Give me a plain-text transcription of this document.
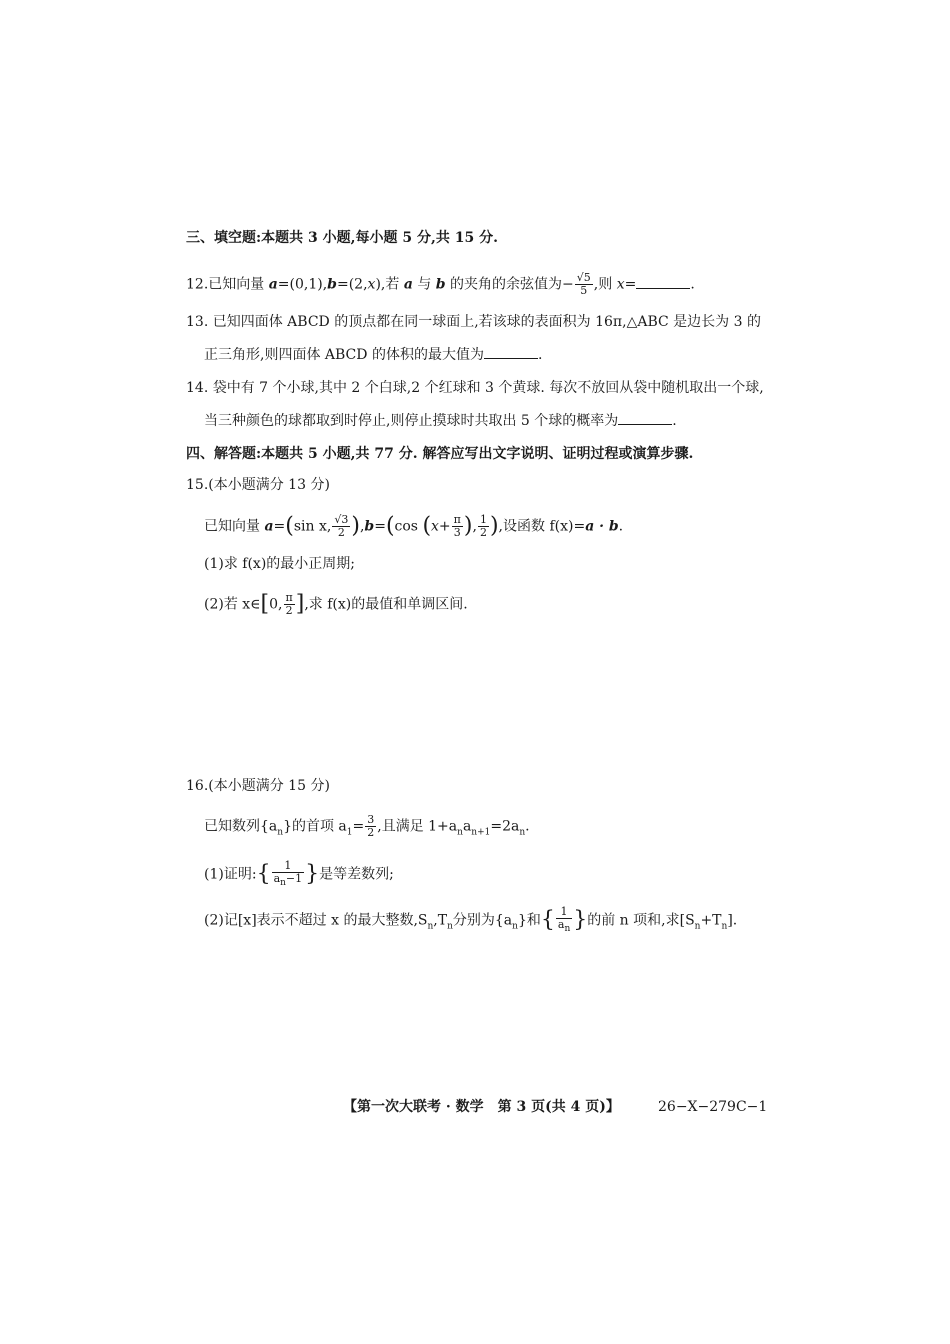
三、填空题:本题共 3 小题,每小题 5 分,共 15 分.
12.已知向量 a=(0,1),b=(2,x),若 a 与 b 的夹角的余弦值为− $\frac{√5}{5}$ ,则 x=	.
13. 已知四面体 ABCD 的顶点都在同一球面上,若该球的表面积为 16π,△ABC 是边长为 3 的
正三角形,则四面体 ABCD 的体积的最大值为	.
14. 袋中有 7 个小球,其中 2 个白球,2 个红球和 3 个黄球. 每次不放回从袋中随机取出一个球,
当三种颜色的球都取到时停止,则停止摸球时共取出 5 个球的概率为	.
四、解答题:本题共 5 小题,共 77 分. 解答应写出文字说明、证明过程或演算步骤.
15.(本小题满分 13 分)
已知向量 a=(sin x, $\frac{√3}{2} ),b=(\cos$ ($x+ \frac{\pi}{3}$ ), $\frac{1}{2}$ ),设函数 f(x)=a · b.
(1)求 f(x)的最小正周期;
(2)若 x∈[0, $\frac{\pi}{2}$ ],求 f(x)的最值和单调区间.
16.(本小题满分 15 分)
已知数列$\{a_n\}$的首项 $a_1= \frac{3}{2}$ ,且满足 $1+a_na_{n+1}=2a_n$.
(1)证明:{ $\frac{1}{a_n-1}$ }是等差数列;
(2)记[x]表示不超过 x 的最大整数$,S_n,T_n$分别为$\{a_n\}$和{ $\frac{1}{a_n}$ }的前 n 项和,求$[S_n+T_n]$.
【第一次大联考 · 数学　第 3 页(共 4 页)】	26−X−279C−1
